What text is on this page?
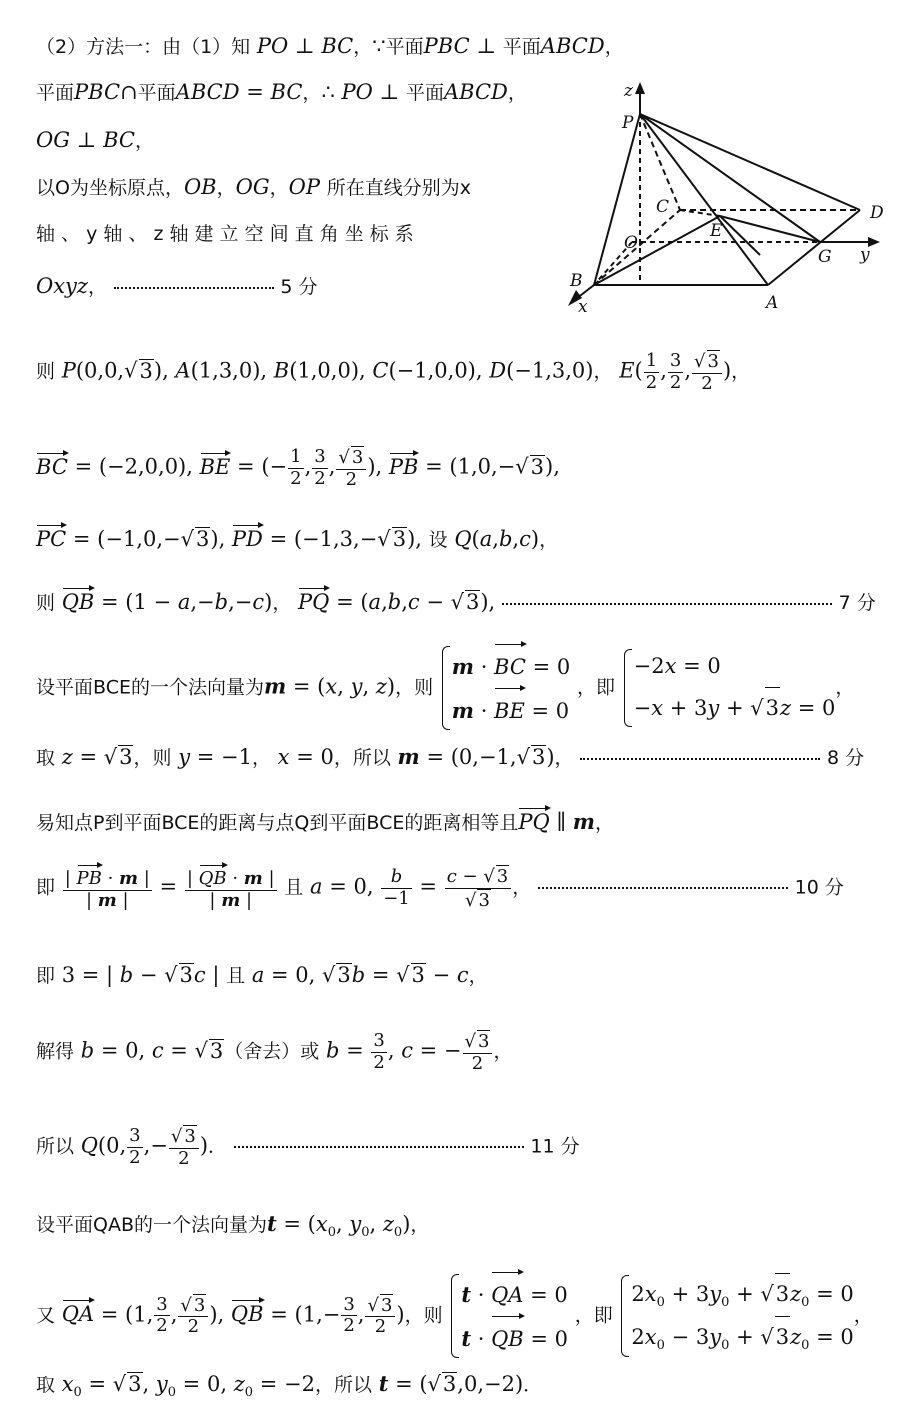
（2）方法一：由（1）知 PO ⊥ BC，∵平面PBC ⊥ 平面ABCD，
平面PBC∩平面ABCD = BC，∴ PO ⊥ 平面ABCD，
OG ⊥ BC，
以O为坐标原点，OB，OG，OP 所在直线分别为x
轴 、 y 轴 、 z 轴 建 立 空 间 直 角 坐 标 系
Oxyz，	5 分
z
P
C
E
D
O
G y
B
A
x
则 P(0,0,√3), A(1,3,0), B(1,0,0), C(−1,0,0), D(−1,3,0)， $E( \frac{1}{2}$ , $\frac{3}{2}$ , $\frac{√ 3}{2}$ )，
BC = (−2,0,0), BE = (− $\frac{1}{2}$ , $\frac{3}{2}$ , $\frac{√ 3}{2}$ ), PB = (1,0,−√3),
PC = (−1,0,−√3), PD = (−1,3,−√3), 设 Q(a,b,c)，
则 QB = (1 − a,−b,−c)， PQ = (a,b,c − √3),	7 分
设平面BCE的一个法向量为m = (x, y, z)，则
m · BC = 0
m · BE = 0
，即
−2x = 0
−x + 3y + √3z = 0
，
取 z = √3，则 y = −1， x = 0，所以 m = (0,−1,√3)，	8 分
易知点P到平面BCE的距离与点Q到平面BCE的距离相等且PQ ∥ m，
即 $\frac{| PB \cdot m |}{| m |} = \frac{| QB \cdot m |}{| m |}$ 且 a = 0, $\frac{b}{-1} = \frac{c - √ 3}{√ 3}$ ，	10 分
即 3 = | b − √3c | 且 a = 0, √3b = √3 − c，
解得 b = 0, c = √3（舍去）或 $b = \frac{3}{2}$ , c = − $\frac{√ 3}{2}$ ，
所以 Q(0, $\frac{3}{2}$ ,− $\frac{√ 3}{2}$ )．	11 分
设平面QAB的一个法向量为$t = (x_0$, $y_0$, $z_0$)，
又 QA = (1, $\frac{3}{2}$ , $\frac{√ 3}{2}$ ), QB = ($1,- \frac{3}{2}$ , $\frac{√ 3}{2}$ )，则
t · QA = 0
t · QB = 0
，即
$2x_0 + 3y_0 + √3z_0 = 0$
$2x_0 - 3y_0 + √3z_0 = 0$
，
取 $x_0 = √3$, $y_0 = 0$, $z_0 = -2$，所以 t = (√3,0,−2)．
